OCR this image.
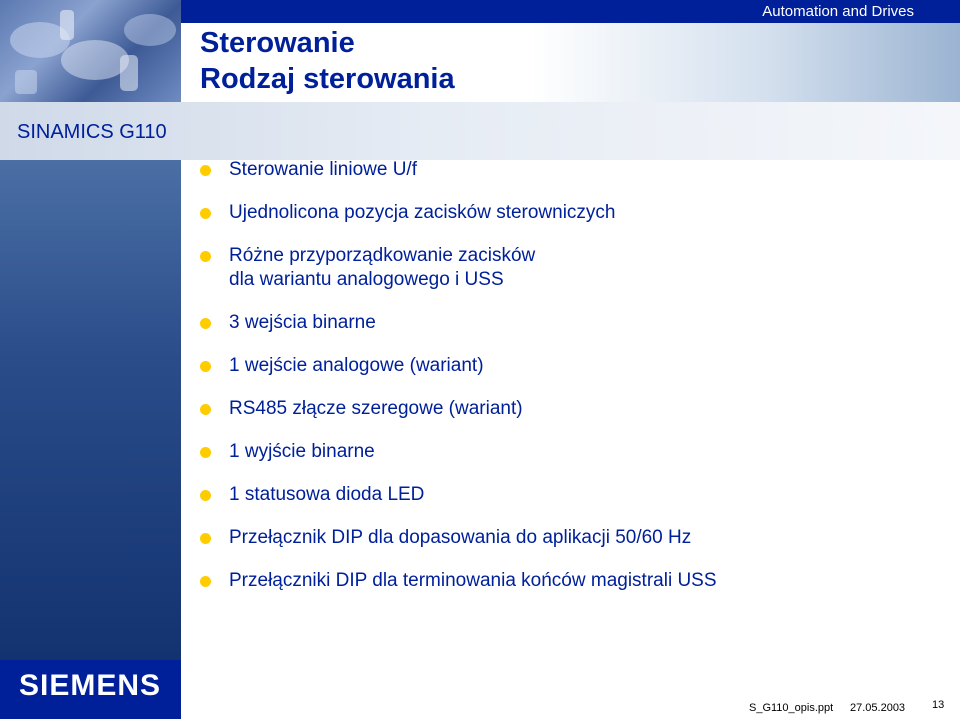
Automation and Drives
Sterowanie
Rodzaj sterowania
SINAMICS G110
Sterowanie liniowe U/f
Ujednolicona pozycja zacisków sterowniczych
Różne przyporządkowanie zacisków
dla wariantu analogowego i USS
3 wejścia binarne
1 wejście analogowe (wariant)
RS485 złącze szeregowe (wariant)
1 wyjście binarne
1 statusowa dioda LED
Przełącznik DIP dla dopasowania do aplikacji 50/60 Hz
Przełączniki DIP dla terminowania końców magistrali USS
SIEMENS
S_G110_opis.ppt 27.05.2003 13
